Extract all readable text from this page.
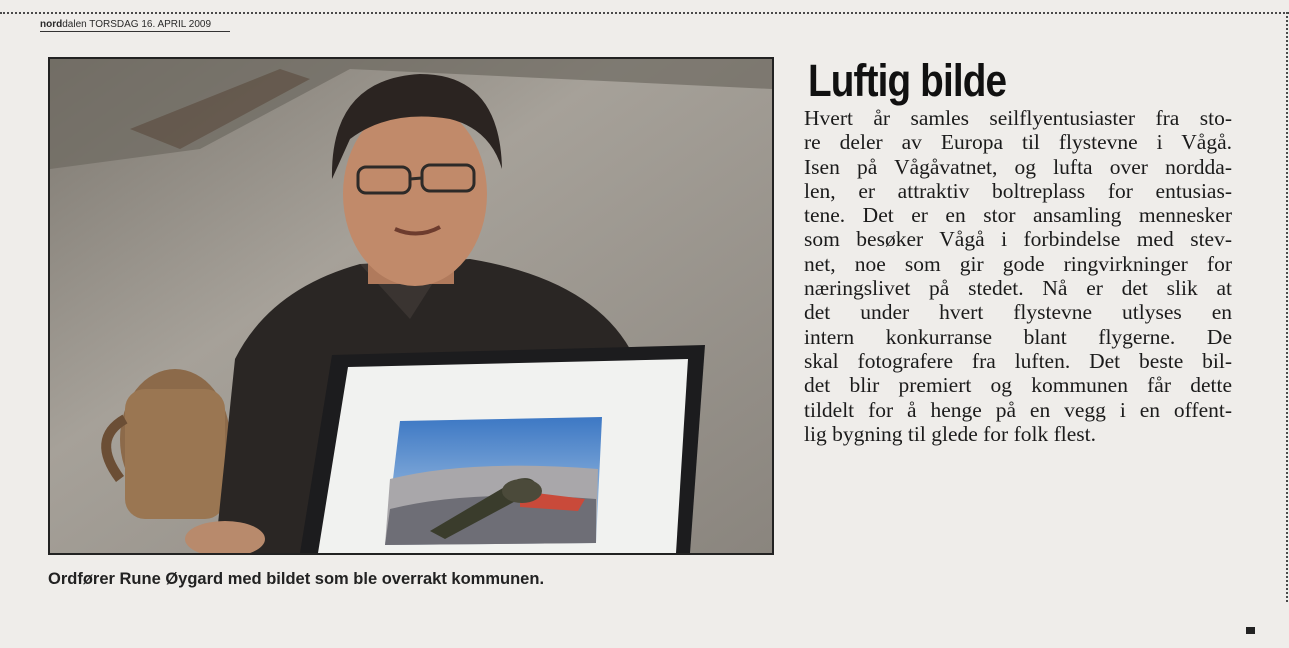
norddalen TORSDAG 16. APRIL 2009
Ordfører Rune Øygard med bildet som ble overrakt kommunen.
Luftig bilde
Hvert år samles seilflyentusiaster fra sto-
re deler av Europa til flystevne i Vågå.
Isen på Vågåvatnet, og lufta over nordda-
len, er attraktiv boltreplass for entusias-
tene. Det er en stor ansamling mennesker
som besøker Vågå i forbindelse med stev-
net, noe som gir gode ringvirkninger for
næringslivet på stedet. Nå er det slik at
det under hvert flystevne utlyses en
intern konkurranse blant flygerne. De
skal fotografere fra luften. Det beste bil-
det blir premiert og kommunen får dette
tildelt for å henge på en vegg i en offent-
lig bygning til glede for folk flest.
